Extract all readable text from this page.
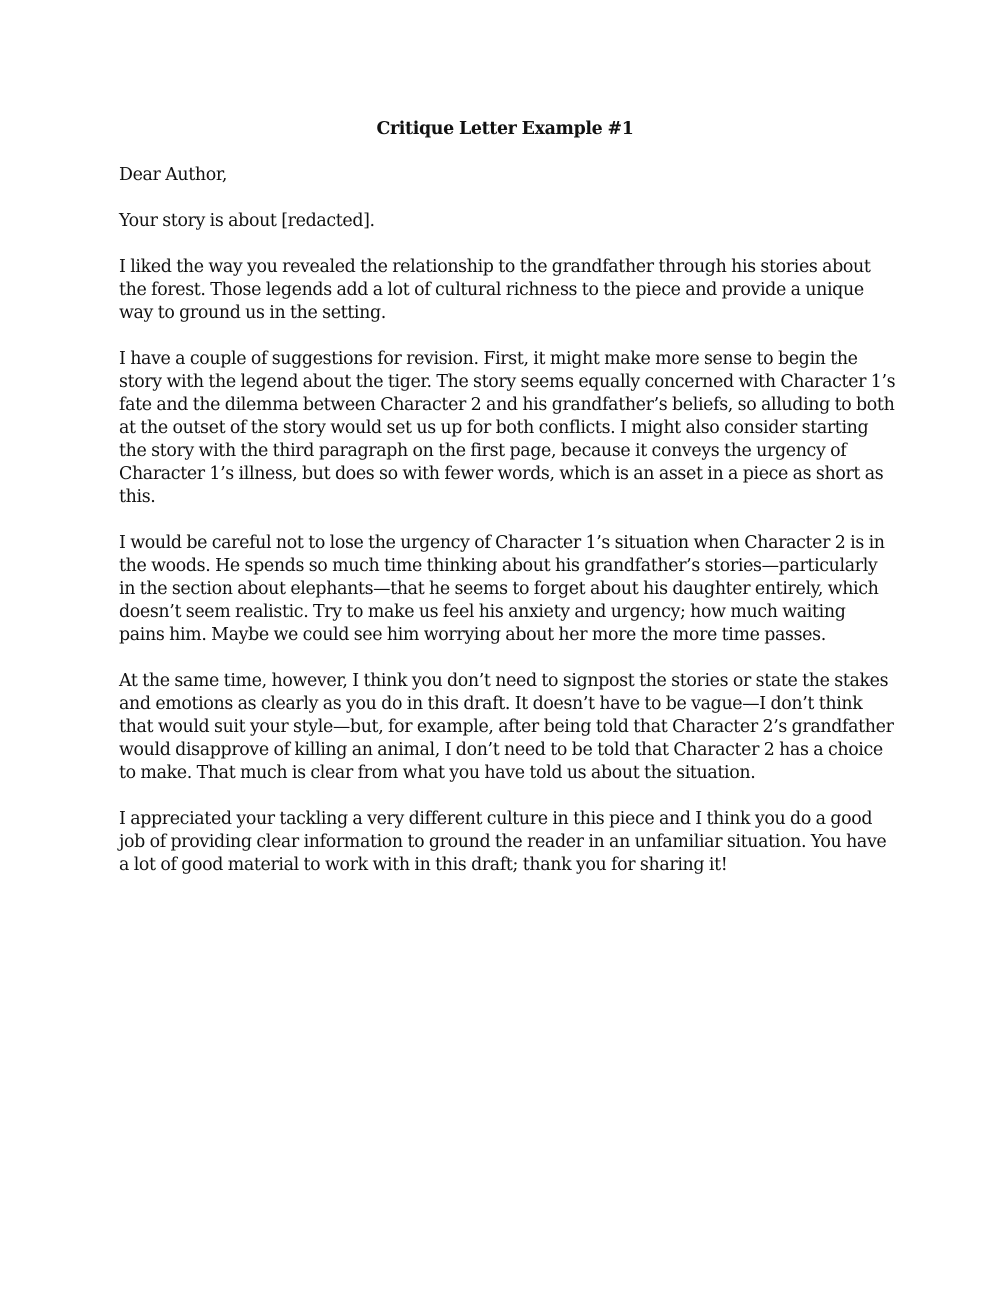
Critique Letter Example #1
Dear Author,
Your story is about [redacted].
I liked the way you revealed the relationship to the grandfather through his stories about
the forest. Those legends add a lot of cultural richness to the piece and provide a unique
way to ground us in the setting.
I have a couple of suggestions for revision. First, it might make more sense to begin the
story with the legend about the tiger. The story seems equally concerned with Character 1’s
fate and the dilemma between Character 2 and his grandfather’s beliefs, so alluding to both
at the outset of the story would set us up for both conflicts. I might also consider starting
the story with the third paragraph on the first page, because it conveys the urgency of
Character 1’s illness, but does so with fewer words, which is an asset in a piece as short as
this.
I would be careful not to lose the urgency of Character 1’s situation when Character 2 is in
the woods. He spends so much time thinking about his grandfather’s stories—particularly
in the section about elephants—that he seems to forget about his daughter entirely, which
doesn’t seem realistic. Try to make us feel his anxiety and urgency; how much waiting
pains him. Maybe we could see him worrying about her more the more time passes.
At the same time, however, I think you don’t need to signpost the stories or state the stakes
and emotions as clearly as you do in this draft. It doesn’t have to be vague—I don’t think
that would suit your style—but, for example, after being told that Character 2’s grandfather
would disapprove of killing an animal, I don’t need to be told that Character 2 has a choice
to make. That much is clear from what you have told us about the situation.
I appreciated your tackling a very different culture in this piece and I think you do a good
job of providing clear information to ground the reader in an unfamiliar situation. You have
a lot of good material to work with in this draft; thank you for sharing it!
